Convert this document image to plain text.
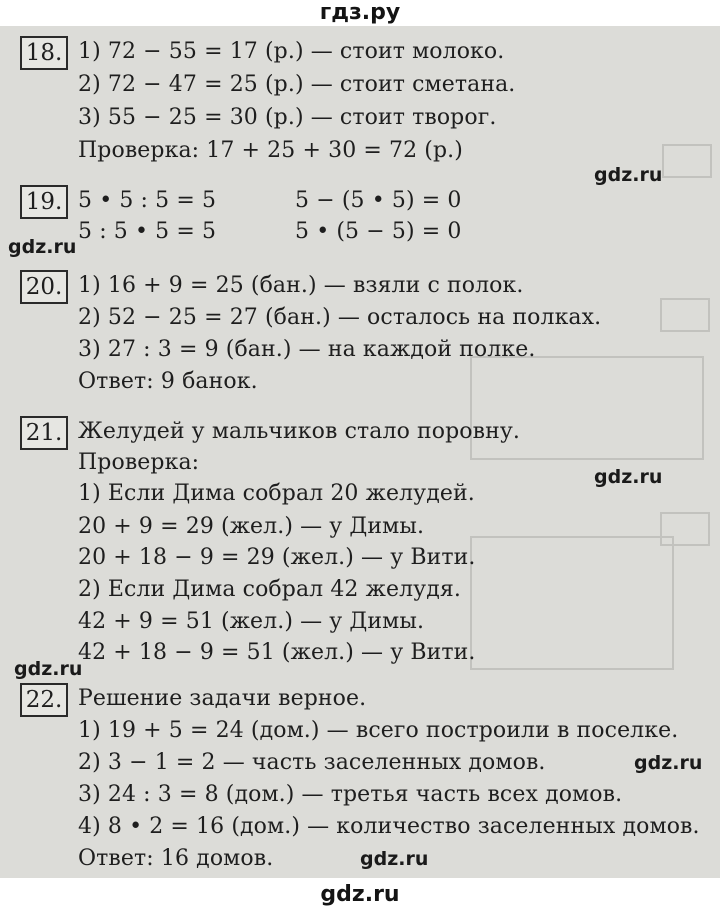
гдз.ру
18. 1) 72 − 55 = 17 (р.) — стоит молоко.
2) 72 − 47 = 25 (р.) — стоит сметана.
3) 55 − 25 = 30 (р.) — стоит творог.
Проверка: 17 + 25 + 30 = 72 (р.)
19. 5 • 5 : 5 = 5
5 : 5 • 5 = 5
5 − (5 • 5) = 0
5 • (5 − 5) = 0
20. 1) 16 + 9 = 25 (бан.) — взяли с полок.
2) 52 − 25 = 27 (бан.) — осталось на полках.
3) 27 : 3 = 9 (бан.) — на каждой полке.
Ответ: 9 банок.
21. Желудей у мальчиков стало поровну.
Проверка:
1) Если Дима собрал 20 желудей.
20 + 9 = 29 (жел.) — у Димы.
20 + 18 − 9 = 29 (жел.) — у Вити.
2) Если Дима собрал 42 желудя.
42 + 9 = 51 (жел.) — у Димы.
42 + 18 − 9 = 51 (жел.) — у Вити.
22. Решение задачи верное.
1) 19 + 5 = 24 (дом.) — всего построили в поселке.
2) 3 − 1 = 2 — часть заселенных домов.
3) 24 : 3 = 8 (дом.) — третья часть всех домов.
4) 8 • 2 = 16 (дом.) — количество заселенных домов.
Ответ: 16 домов.
gdz.ru
gdz.ru
gdz.ru
gdz.ru
gdz.ru
gdz.ru
gdz.ru
